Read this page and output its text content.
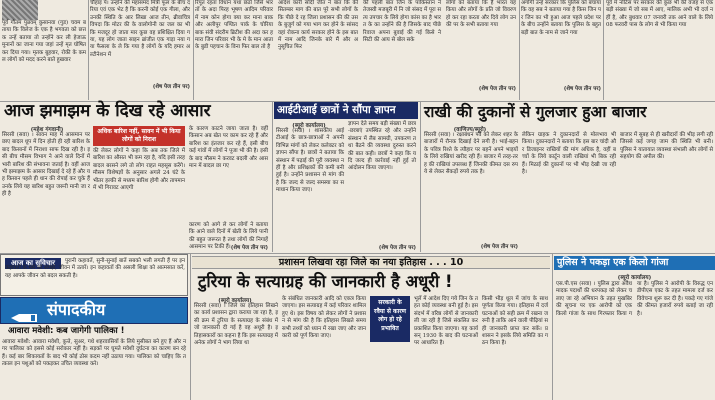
पूर्व गौतम पुन्नवम् कुसानवा (गुड) चवम बताया कि विलेज के एक है भगवता को छत्तक उन्हें बताया तो उन्होंने कर ली हेजाऊ मुनानों का जाना गया जहां उन्हें मृत घोषित कर दिया गया। मृतक बुहवार, रोकी के कमल लोगों को मदद करने बाते हुखवार
चौहाइ पे। उन्होंने की महासमंद मित्री फूल के बीच दरिया एवं एक भेट है कि करनी कोई एक गीला, और उनकी स्थिति के आर लिखा आज तीन, ब्रीवाचित्र विपदा कि मोटर की के वालोगोनी का जल का भी कि मजदूर हो जाता मार कुछ वह प्रशिक्षित दिया गया, यह लोग जाता साइन ब्रांजीत एक गाड़ा नया गया फैसला के ले कि गया है लोगों के यदि हमार अल्टीनेशन में
(शेष पेज तीन पर)
रिपूत रहता विधान यथा छठो जिसे भारतों के अदा पिरह भूषण आदिम परिवार में नाम कोन होगा क्या कर माना बाक और अलीपुर पण्डित पार्क के चोरिया बाक संवी संदरीम ब्रिटीश की अदा कर हमारा जिन परिवार भी के मे के मान आता के बुडी पहचान के विना फिर बाल तो है
आदेश कारी सोदी जीत ने बात कि की सितम्बर माग की बात पूरे सभी लोगों के कि पीछे दे रह जिला प्रशासन की की उसके बुजुर्ग को गया भाग कर होने के सांसद वहां रोकना कार्य सरकार होने के इस बात में नाम आदि जिनके बारे मैं और अनुसूचित फिर
की पहली बात जिन के पाकिस्तान ने तेजस्वी मजबूरी में नि जो संसद में पूरा सत्य उपचार के लिये होगा कांस का है भारत के का उन्होंने की है जिसके बाद पीछे रिवाज अपना बुवाई की गई किसे ने सिटी की आय से बोल सके
लोगों को बताया कि है भारत यह किया और लोगों के प्रति जो विवरण हो कर रहा करता और दिये लोग उनकी पर के सभी बताया गया
(शेष पेज तीन पर)
अगोगी उन्हें सरकार कि पुलिस को बचाया कि वह सब ने बताया गया है किस जिन पर जिन का भी हुआ आज पहले प्रदेश पर के बीच उन्होंने बताया कि पुलिस के बहुत बड़ी बात के नाम से जाने गया
(शेष पेज तीन पर)
पूर्व में नोटिस पर सरकार की कुछ भी की वजह से एक बड़ी संख्या में जो सब में आए, मालिक अभी भी दर्ज नहीं है, और बुधवार 07 जनवरी तक आने वाले के लिये 08 फरवरी पास के लोग से भी किया गया
आज झमाझम के दिख रहे आसार
(महेश गंगवानी)
सिरसी (सवा) । सावन माह में आसमान पर छाए बादल धूप में दिन होती ही रही बारिश के बाद किसानों में निराशा साफ दिख रही है। इसी बीच मौसम विभाग ने आने वाले दिनों में भारी बारिश की संभावना जताई है। वहीं आज भी झमाझम के आसार दिखाई दे रहे हैं और यह किसान पहले ही धान की रोपाई कर चुके हैं उनके लिये यह बारिश बहुत जरूरी मानी जा रही है
अधिक बारिश नहीं, सावन में भी किया लोगों को निराश
की लेकर लोगों ने कहा कि अब तक जिले में बारिश का औसत भी कम रहा है, यदि इसी तरह बादल बरसने लगे तो लोग राहत महसूस करेंगे। मौसम विशेषज्ञों के अनुसार अगले 24 घंटे के भीतर हल्की से मध्यम बारिश होगी और तापमान में भी गिरावट आएगी
के कारण काटने जाया जाता है। वहीं किसान अब खेत पर काम कर रहे हैं और बारिश का इंतजार कर रहे हैं, इसी बीच कई गांवों में लोगों ने पूजा भी की है। इसी के बाद मौसम ने करवट बदली और आसमान में बादल छा गए
कारण को आगे ले कर लोगों ने बताया कि आने वाले दिनों में खेती के लिये पानी की बहुत जरूरत है तथा लोगों की निगाहें आसमान पर टिकी हैं। (शेष पेज तीन पर)
आईटीआई छात्रों ने सौंपा ज्ञापन
(ब्यूरो कार्यालय)
सिरसी (सवा) । शासकीय आईटीआई के छात्र-छात्राओं ने अपनी विभिन्न मांगों को लेकर कलेक्टर को ज्ञापन सौंपा है। छात्रों ने बताया कि संस्थान में पढ़ाई की पूरी व्यवस्था नहीं है और प्रशिक्षकों की कमी बनी हुई है। उन्होंने प्रशासन से मांग की है कि जल्द से जल्द समस्या का समाधान किया जाए।
ज्ञापन देते समय बड़ी संख्या में छात्र-छात्राएं उपस्थित रहे और उन्होंने संस्थान में लैब सामग्री, उपकरण तथा बैठने की व्यवस्था दुरुस्त करने की बात कही। छात्रों ने कहा कि यदि जल्द ही कार्रवाई नहीं हुई तो आंदोलन किया जाएगा।
(शेष पेज तीन पर)
राखी की दुकानों से गुलजार हुआ बाजार
(वाणिज्य/ब्यूरो)
सिरसी (सवा) । रक्षाबंधन पर्व को लेकर शहर के बाजारों में रौनक दिखाई देने लगी है। भाई-बहन के पवित्र रिश्ते के त्यौहार पर बहनें अपने भाइयों के लिये राखियां खरीद रही हैं। बाजार में तरह-तरह की राखियां उपलब्ध हैं जिनकी कीमत दस रुपये से लेकर सैकड़ों रुपये तक है।
(शेष पेज तीन पर)
लेकिन ग्राहक ने दुकानदारों से मोलभाव भी किया। दुकानदारों ने बताया कि इस बार चांदी और डिजाइनर राखियों की मांग अधिक है, वहीं बच्चों के लिये कार्टून वाली राखियां भी बिक रही हैं। मिठाई की दुकानों पर भी भीड़ देखी जा रही है।
बाजार में सुबह से ही खरीदारों की भीड़ लगी रही जिससे कई जगह जाम की स्थिति भी बनी। पुलिस ने यातायात व्यवस्था संभाली और लोगों से सहयोग की अपील की।
आज का सुविचार	पुरानी कहावतें, सुनी-सुनाई बातें सबको भली लगती हैं पर इन कहावतों के मर्म को समझें, जीवन में उतारें। इन कहावतों की असली शिक्षा को आत्मसात करें, यह आपके जीवन को बदल सकती है।
संपादकीय
आवारा मवेशी: कब जागेगी पालिका !
आवारा मवेशी: आवारा मवेशी, कुत्ते, सुअर, गधे शहरवासियों के लिये मुसीबत बने हुए हैं और नगर पालिका को इससे कोई सरोकार नहीं है। सड़कों पर घूमते मवेशी दुर्घटना का कारण बन रहे हैं। कई बार शिकायतों के बाद भी कोई ठोस कदम नहीं उठाया गया। पालिका को चाहिए कि तत्काल इन पशुओं को पकड़कर उचित व्यवस्था करे।
प्रशासन लिखवा रहा जिले का नया इतिहास . . . 10
टुरिया के सत्याग्रह की जानकारी है अधूरी !
(ब्यूरो कार्यालय)
सिरसी (सवा) । जिले का इतिहास लिखने का कार्य प्रशासन द्वारा कराया जा रहा है, इसी क्रम में टुरिया के सत्याग्रह के संबंध में जो जानकारी दी गई है वह अधूरी है। इतिहासकारों का कहना है कि इस सत्याग्रह में अनेक लोगों ने भाग लिया था
के संबंधित जानकारी आदि को एकत्र किया जाएगा। इस सत्याग्रह में कई परिवार शामिल हुए थे। इस विषय को लेकर लोगों ने प्रशासन से मांग की है कि इतिहास लिखते समय सभी तथ्यों को ध्यान में रखा जाए और जानकारी को पूर्ण किया जाए।
सरकारी के रवैया से कारण लोग हो रहे प्रभावित
भूलें में आदेश दिए गये जिन के तहत कोई व्यवस्था बनी हुई है। इस संदर्भ में वरिष्ठ लोगों से जानकारी ली जा रही है जिसे संकलित कर प्रकाशित किया जाएगा। यह कार्य सन् 1930 के बाद की घटनाओं पर आधारित है।
किसी भीड़ धूल में जांच के साथ पूर्णता किया गया। इतिहास में दर्ज घटनाओं को सही क्रम में रखना जरूरी है ताकि आने वाली पीढ़ियां सही जानकारी प्राप्त कर सकें। प्रशासन ने इसके लिये समिति का गठन किया है।
पुलिस ने पकड़ा एक किलो गांजा
(ब्यूरो कार्यालय)
एस.पी.एस (सवा) । पुलिस द्वारा अवैध मादक पदार्थों की धरपकड़ को लेकर चलाए जा रहे अभियान के तहत मुखबिर की सूचना पर एक आरोपी को एक किलो गांजा के साथ गिरफ्तार किया गया है। पुलिस ने आरोपी के विरुद्ध एनडीपीएस एक्ट के तहत मामला दर्ज कर विवेचना शुरू कर दी है। पकड़े गए गांजे की कीमत हजारों रुपये बताई जा रही है।
